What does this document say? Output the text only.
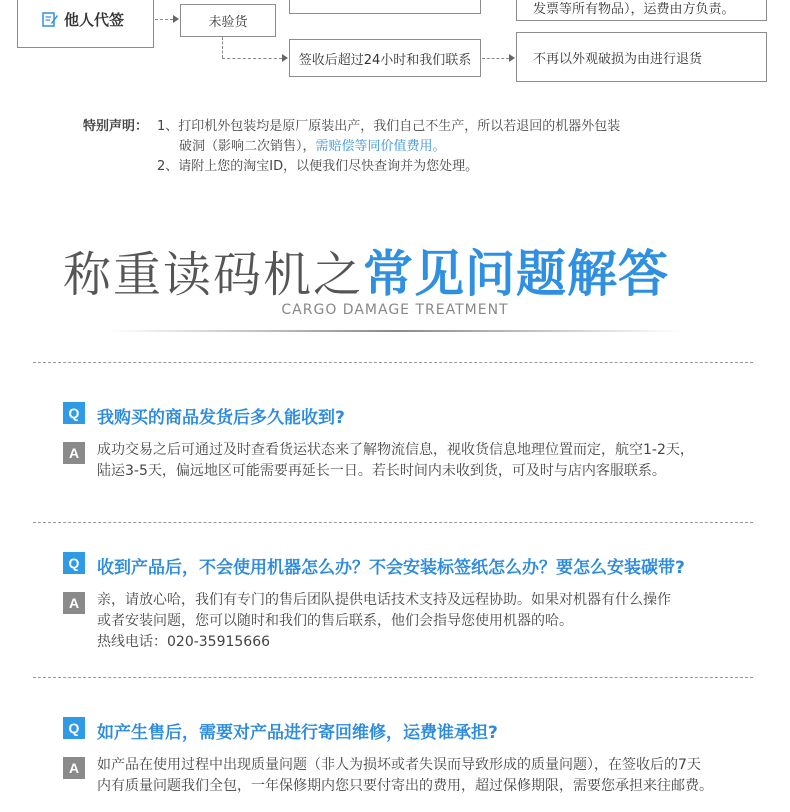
他人代签	未验货
发票等所有物品），运费由方负责。
签收后超过24小时和我们联系	不再以外观破损为由进行退货
特别声明： 1、打印机外包装均是原厂原装出产，我们自己不生产，所以若退回的机器外包装
破洞（影响二次销售），需赔偿等同价值费用。
2、请附上您的淘宝ID，以便我们尽快查询并为您处理。
称重读码机之 常见问题解答
CARGO DAMAGE TREATMENT
Q	我购买的商品发货后多久能收到?
A	成功交易之后可通过及时查看货运状态来了解物流信息，视收货信息地理位置而定，航空1-2天，
陆运3-5天，偏远地区可能需要再延长一日。若长时间内未收到货，可及时与店内客服联系。
Q	收到产品后，不会使用机器怎么办？不会安装标签纸怎么办？要怎么安装碳带?
A	亲，请放心哈，我们有专门的售后团队提供电话技术支持及远程协助。如果对机器有什么操作
或者安装问题，您可以随时和我们的售后联系，他们会指导您使用机器的哈。
热线电话：020-35915666
Q	如产生售后，需要对产品进行寄回维修，运费谁承担?
A	如产品在使用过程中出现质量问题（非人为损坏或者失误而导致形成的质量问题），在签收后的7天
内有质量问题我们全包，一年保修期内您只要付寄出的费用，超过保修期限，需要您承担来往邮费。
